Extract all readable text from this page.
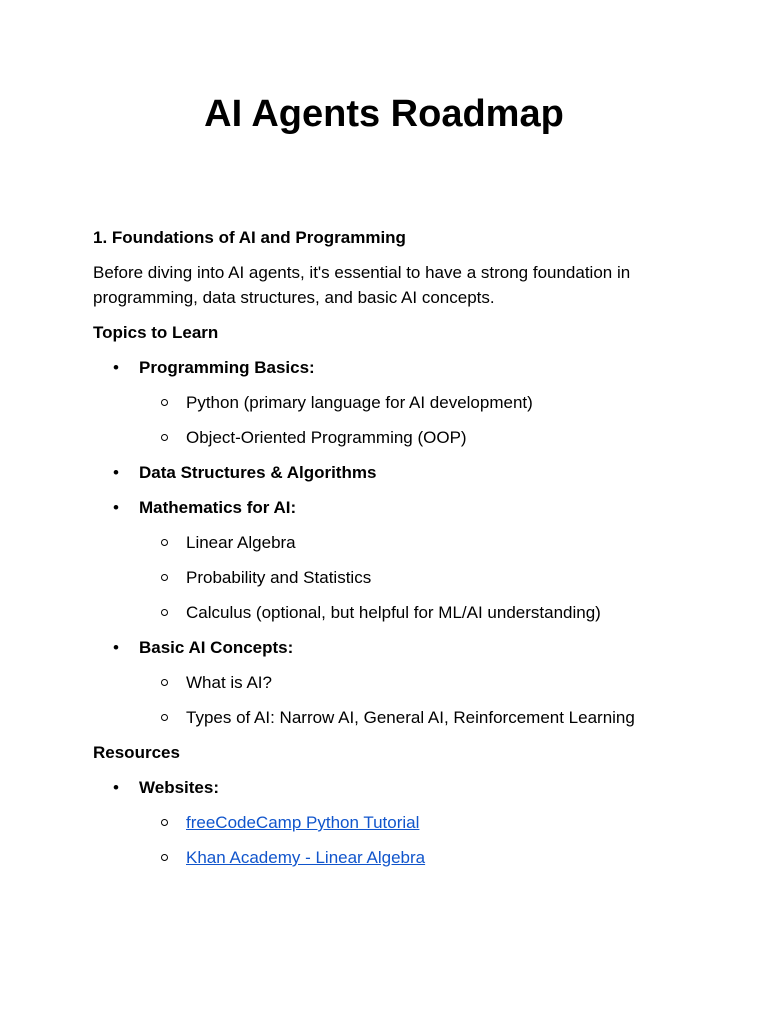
AI Agents Roadmap

1. Foundations of AI and Programming

Before diving into AI agents, it's essential to have a strong foundation in programming, data structures, and basic AI concepts.

Topics to Learn

• Programming Basics:
Python (primary language for AI development)
Object-Oriented Programming (OOP)
• Data Structures & Algorithms
• Mathematics for AI:
Linear Algebra
Probability and Statistics
Calculus (optional, but helpful for ML/AI understanding)
• Basic AI Concepts:
What is AI?
Types of AI: Narrow AI, General AI, Reinforcement Learning

Resources

• Websites:
freeCodeCamp Python Tutorial
Khan Academy - Linear Algebra
